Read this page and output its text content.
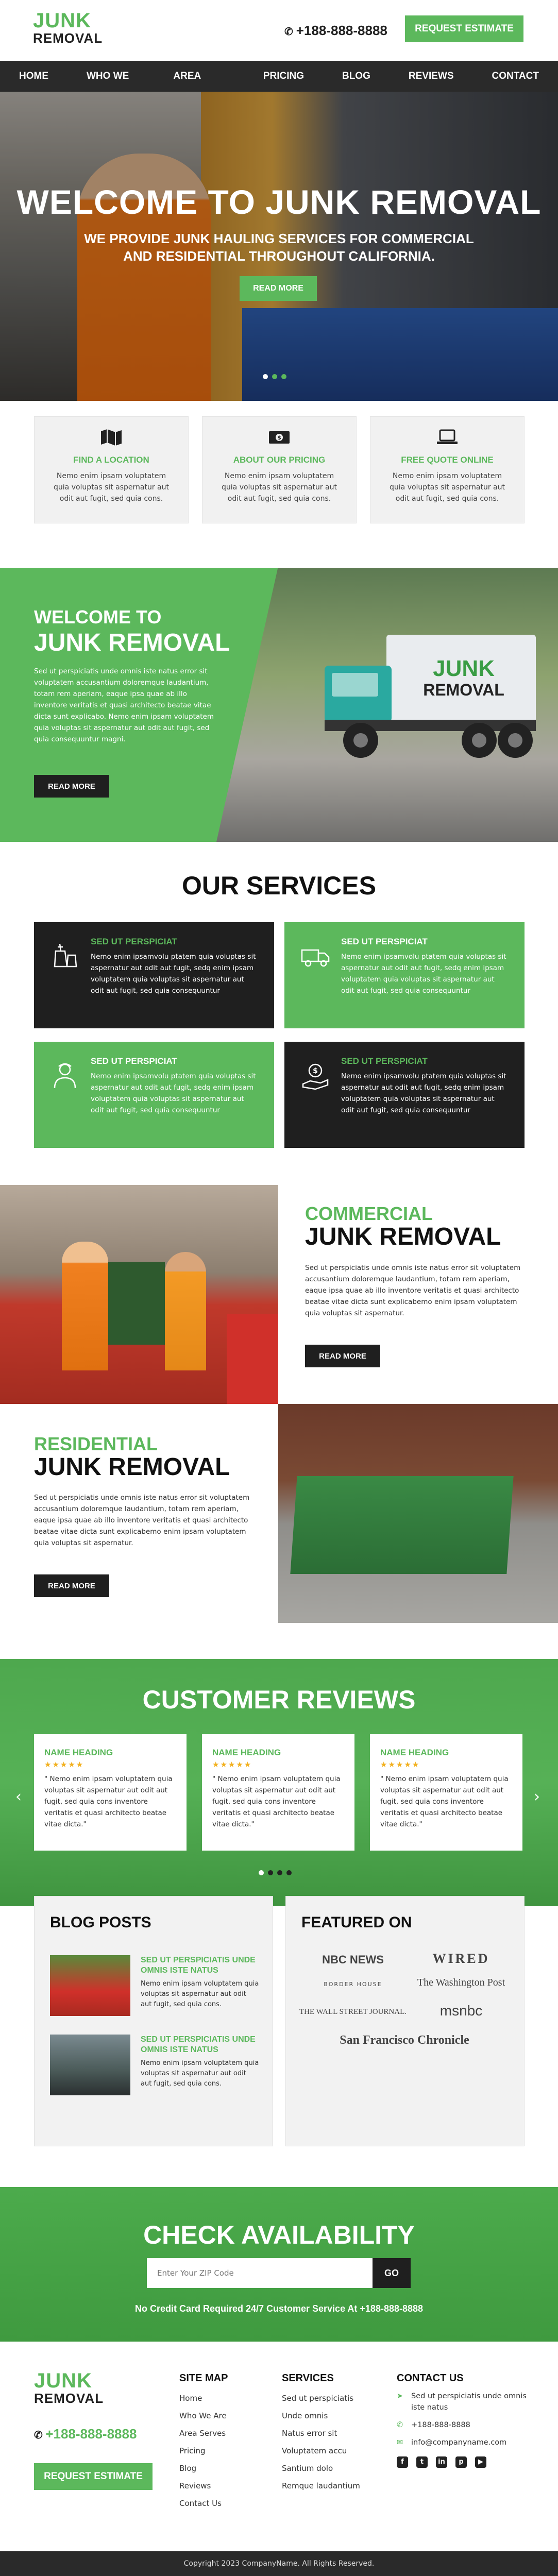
JUNK
REMOVAL	✆ +188-888-8888	REQUEST ESTIMATE
HOME	WHO WE	AREA	PRICING	BLOG	REVIEWS	CONTACT
WELCOME TO JUNK REMOVAL
WE PROVIDE JUNK HAULING SERVICES FOR COMMERCIAL AND RESIDENTIAL THROUGHOUT CALIFORNIA.
READ MORE
FIND A LOCATION

Nemo enim ipsam voluptatem quia voluptas sit aspernatur aut odit aut fugit, sed quia cons.

$
ABOUT OUR PRICING

Nemo enim ipsam voluptatem quia voluptas sit aspernatur aut odit aut fugit, sed quia cons.

FREE QUOTE ONLINE

Nemo enim ipsam voluptatem quia voluptas sit aspernatur aut odit aut fugit, sed quia cons.

JUNK
REMOVAL
WELCOME TO
JUNK REMOVAL

Sed ut perspiciatis unde omnis iste natus error sit voluptatem accusantium doloremque laudantium, totam rem aperiam, eaque ipsa quae ab illo inventore veritatis et quasi architecto beatae vitae dicta sunt explicabo. Nemo enim ipsam voluptatem quia voluptas sit aspernatur aut odit aut fugit, sed quia consequuntur magni.

READ MORE
OUR SERVICES
SED UT PERSPICIAT

Nemo enim ipsamvolu ptatem quia voluptas sit aspernatur aut odit aut fugit, sedq enim ipsam voluptatem quia voluptas sit aspernatur aut odit aut fugit, sed quia consequuntur

SED UT PERSPICIAT

Nemo enim ipsamvolu ptatem quia voluptas sit aspernatur aut odit aut fugit, sedq enim ipsam voluptatem quia voluptas sit aspernatur aut odit aut fugit, sed quia consequuntur

SED UT PERSPICIAT

Nemo enim ipsamvolu ptatem quia voluptas sit aspernatur aut odit aut fugit, sedq enim ipsam voluptatem quia voluptas sit aspernatur aut odit aut fugit, sed quia consequuntur

$
SED UT PERSPICIAT

Nemo enim ipsamvolu ptatem quia voluptas sit aspernatur aut odit aut fugit, sedq enim ipsam voluptatem quia voluptas sit aspernatur aut odit aut fugit, sed quia consequuntur

COMMERCIAL
JUNK REMOVAL

Sed ut perspiciatis unde omnis iste natus error sit voluptatem accusantium doloremque laudantium, totam rem aperiam, eaque ipsa quae ab illo inventore veritatis et quasi architecto beatae vitae dicta sunt explicabemo enim ipsam voluptatem quia voluptas sit aspernatur.

READ MORE
RESIDENTIAL
JUNK REMOVAL

Sed ut perspiciatis unde omnis iste natus error sit voluptatem accusantium doloremque laudantium, totam rem aperiam, eaque ipsa quae ab illo inventore veritatis et quasi architecto beatae vitae dicta sunt explicabemo enim ipsam voluptatem quia voluptas sit aspernatur.

READ MORE
CUSTOMER REVIEWS
‹
NAME HEADING
★★★★★

" Nemo enim ipsam voluptatem quia voluptas sit aspernatur aut odit aut fugit, sed quia cons inventore veritatis et quasi architecto beatae vitae dicta."

NAME HEADING
★★★★★

" Nemo enim ipsam voluptatem quia voluptas sit aspernatur aut odit aut fugit, sed quia cons inventore veritatis et quasi architecto beatae vitae dicta."

NAME HEADING
★★★★★

" Nemo enim ipsam voluptatem quia voluptas sit aspernatur aut odit aut fugit, sed quia cons inventore veritatis et quasi architecto beatae vitae dicta."

›
BLOG POSTS
SED UT PERSPICIATIS UNDE OMNIS ISTE NATUS

Nemo enim ipsam voluptatem quia voluptas sit aspernatur aut odit aut fugit, sed quia cons.

SED UT PERSPICIATIS UNDE OMNIS ISTE NATUS

Nemo enim ipsam voluptatem quia voluptas sit aspernatur aut odit aut fugit, sed quia cons.

FEATURED ON
NBC NEWS	WIRED
BORDER HOUSE	The Washington Post
THE WALL STREET JOURNAL.	msnbc
San Francisco Chronicle
CHECK AVAILABILITY
Enter Your ZIP Code
GO
No Credit Card Required 24/7 Customer Service At +188-888-8888
JUNK
REMOVAL
✆ +188-888-8888
REQUEST ESTIMATE
SITE MAP
Home
Who We Are
Area Serves
Pricing
Blog
Reviews
Contact Us
SERVICES
Sed ut perspiciatis
Unde omnis
Natus error sit
Voluptatem accu
Santium dolo
Remque laudantium
CONTACT US
➤	Sed ut perspiciatis unde omnis iste natus
✆	+188-888-8888
✉	info@companyname.com
f	t	in	p	▶
Copyright 2023 CompanyName. All Rights Reserved.
